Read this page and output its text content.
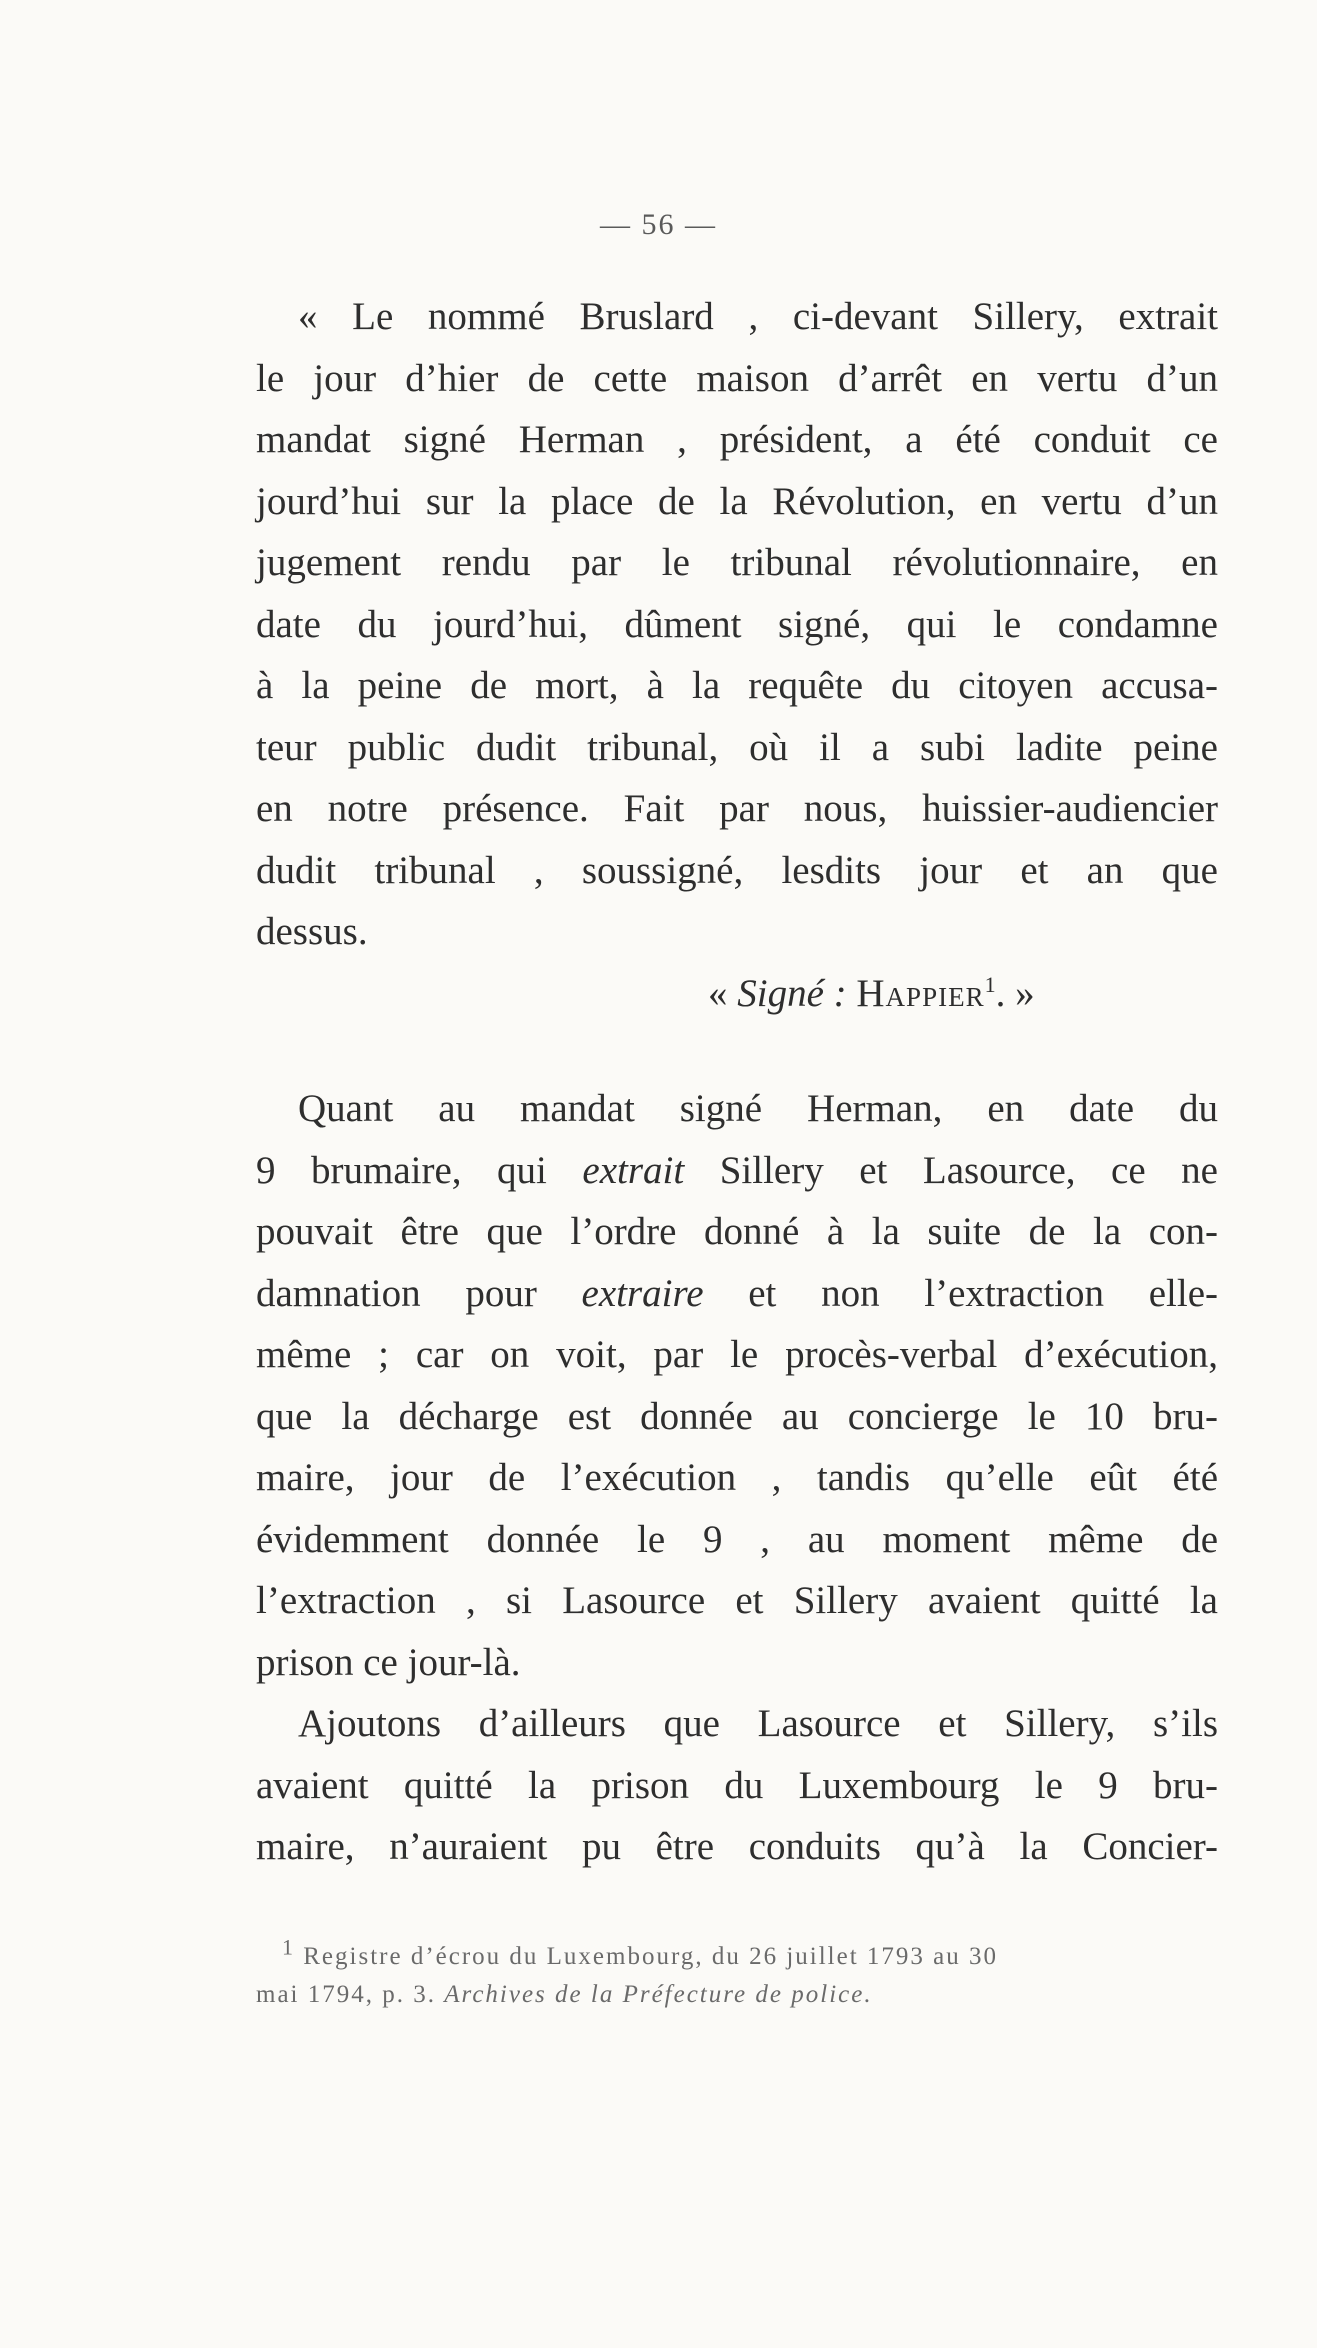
— 56 —
« Le nommé Bruslard , ci-devant Sillery, extrait
le jour d’hier de cette maison d’arrêt en vertu d’un
mandat signé Herman , président, a été conduit ce
jourd’hui sur la place de la Révolution, en vertu d’un
jugement rendu par le tribunal révolutionnaire, en
date du jourd’hui, dûment signé, qui le condamne
à la peine de mort, à la requête du citoyen accusa-
teur public dudit tribunal, où il a subi ladite peine
en notre présence. Fait par nous, huissier-audiencier
dudit tribunal , soussigné, lesdits jour et an que
dessus.
« Signé : Happier$^1$. »
Quant au mandat signé Herman, en date du
9 brumaire, qui extrait Sillery et Lasource, ce ne
pouvait être que l’ordre donné à la suite de la con-
damnation pour extraire et non l’extraction elle-
même ; car on voit, par le procès-verbal d’exécution,
que la décharge est donnée au concierge le 10 bru-
maire, jour de l’exécution , tandis qu’elle eût été
évidemment donnée le 9 , au moment même de
l’extraction , si Lasource et Sillery avaient quitté la
prison ce jour-là.
Ajoutons d’ailleurs que Lasource et Sillery, s’ils
avaient quitté la prison du Luxembourg le 9 bru-
maire, n’auraient pu être conduits qu’à la Concier-
$^1$ Registre d’écrou du Luxembourg, du 26 juillet 1793 au 30
mai 1794, p. 3. Archives de la Préfecture de police.
